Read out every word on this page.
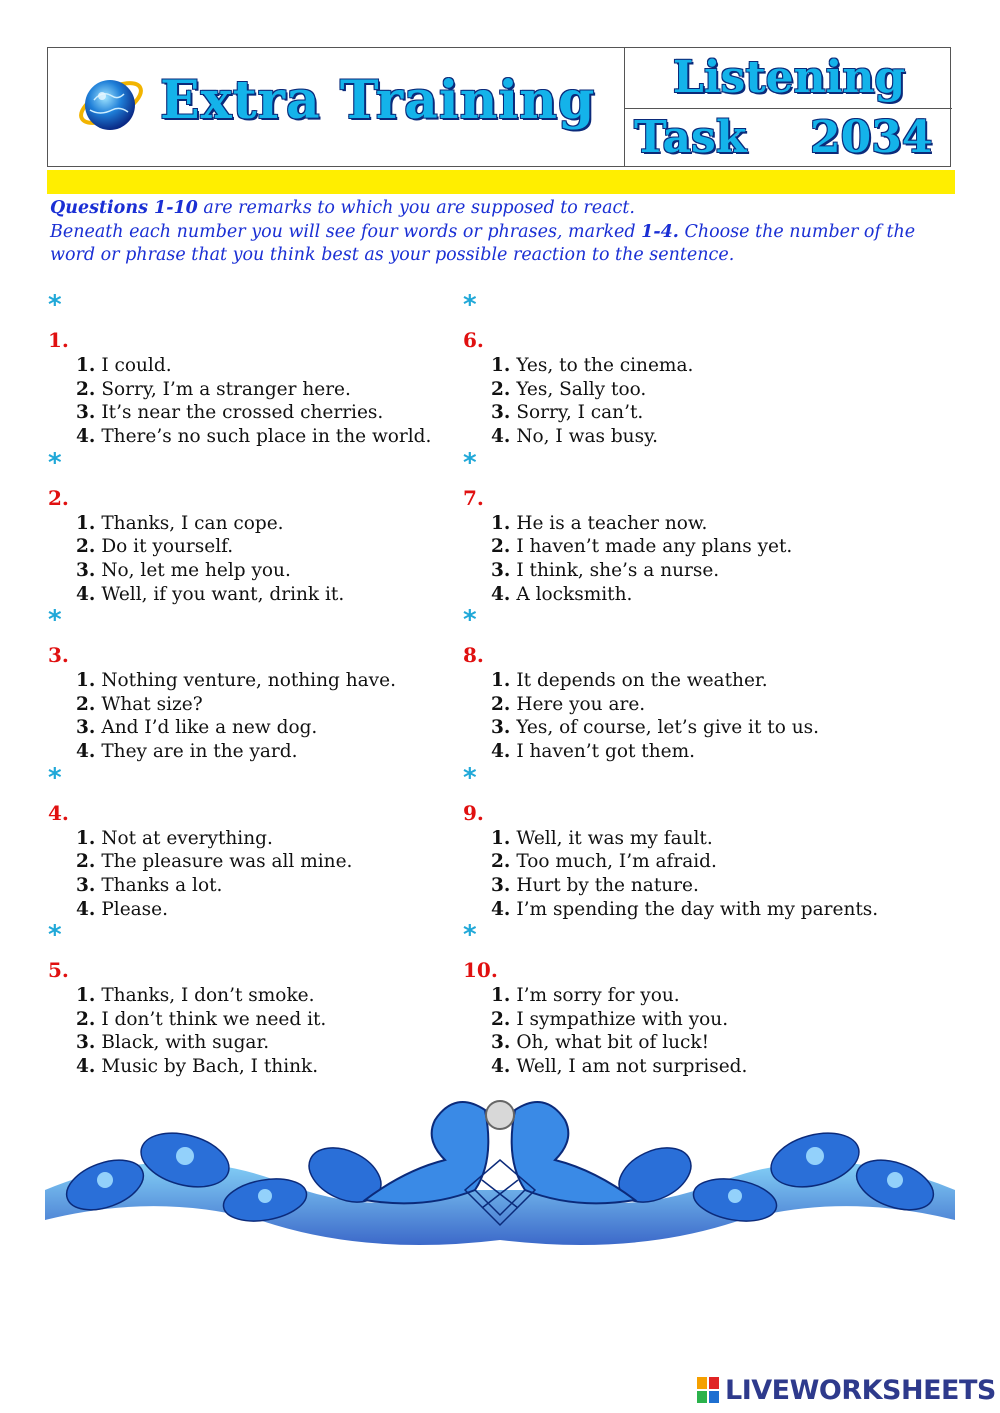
Extra Training	Listening
Task 2034
Questions 1-10 are remarks to which you are supposed to react.
Beneath each number you will see four words or phrases, marked 1-4. Choose the number of the word or phrase that you think best as your possible reaction to the sentence.
*
1.
1. I could.
2. Sorry, I’m a stranger here.
3. It’s near the crossed cherries.
4. There’s no such place in the world.
*
2.
1. Thanks, I can cope.
2. Do it yourself.
3. No, let me help you.
4. Well, if you want, drink it.
*
3.
1. Nothing venture, nothing have.
2. What size?
3. And I’d like a new dog.
4. They are in the yard.
*
4.
1. Not at everything.
2. The pleasure was all mine.
3. Thanks a lot.
4. Please.
*
5.
1. Thanks, I don’t smoke.
2. I don’t think we need it.
3. Black, with sugar.
4. Music by Bach, I think.
*
6.
1. Yes, to the cinema.
2. Yes, Sally too.
3. Sorry, I can’t.
4. No, I was busy.
*
7.
1. He is a teacher now.
2. I haven’t made any plans yet.
3. I think, she’s a nurse.
4. A locksmith.
*
8.
1. It depends on the weather.
2. Here you are.
3. Yes, of course, let’s give it to us.
4. I haven’t got them.
*
9.
1. Well, it was my fault.
2. Too much, I’m afraid.
3. Hurt by the nature.
4. I’m spending the day with my parents.
*
10.
1. I’m sorry for you.
2. I sympathize with you.
3. Oh, what bit of luck!
4. Well, I am not surprised.
LIVEWORKSHEETS
